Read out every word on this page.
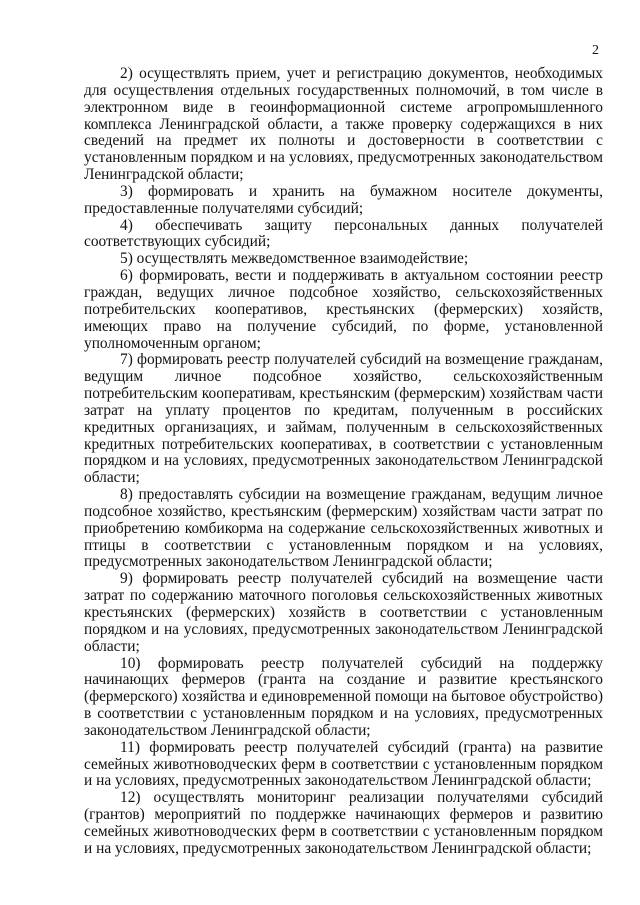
2

2) осуществлять прием, учет и регистрацию документов, необходимых для осуществления отдельных государственных полномочий, в том числе в электронном виде в геоинформационной системе агропромышленного комплекса Ленинградской области, а также проверку содержащихся в них сведений на предмет их полноты и достоверности в соответствии с установленным порядком и на условиях, предусмотренных законодательством Ленинградской области;

3) формировать и хранить на бумажном носителе документы, предоставленные получателями субсидий;

4) обеспечивать защиту персональных данных получателей соответствующих субсидий;

5) осуществлять межведомственное взаимодействие;

6) формировать, вести и поддерживать в актуальном состоянии реестр граждан, ведущих личное подсобное хозяйство, сельскохозяйственных потребительских кооперативов, крестьянских (фермерских) хозяйств, имеющих право на получение субсидий, по форме, установленной уполномоченным органом;

7) формировать реестр получателей субсидий на возмещение гражданам, ведущим личное подсобное хозяйство, сельскохозяйственным потребительским кооперативам, крестьянским (фермерским) хозяйствам части затрат на уплату процентов по кредитам, полученным в российских кредитных организациях, и займам, полученным в сельскохозяйственных кредитных потребительских кооперативах, в соответствии с установленным порядком и на условиях, предусмотренных законодательством Ленинградской области;

8) предоставлять субсидии на возмещение гражданам, ведущим личное подсобное хозяйство, крестьянским (фермерским) хозяйствам части затрат по приобретению комбикорма на содержание сельскохозяйственных животных и птицы в соответствии с установленным порядком и на условиях, предусмотренных законодательством Ленинградской области;

9) формировать реестр получателей субсидий на возмещение части затрат по содержанию маточного поголовья сельскохозяйственных животных крестьянских (фермерских) хозяйств в соответствии с установленным порядком и на условиях, предусмотренных законодательством Ленинградской области;

10) формировать реестр получателей субсидий на поддержку начинающих фермеров (гранта на создание и развитие крестьянского (фермерского) хозяйства и единовременной помощи на бытовое обустройство) в соответствии с установленным порядком и на условиях, предусмотренных законодательством Ленинградской области;

11) формировать реестр получателей субсидий (гранта) на развитие семейных животноводческих ферм в соответствии с установленным порядком и на условиях, предусмотренных законодательством Ленинградской области;

12) осуществлять мониторинг реализации получателями субсидий (грантов) мероприятий по поддержке начинающих фермеров и развитию семейных животноводческих ферм в соответствии с установленным порядком и на условиях, предусмотренных законодательством Ленинградской области;
